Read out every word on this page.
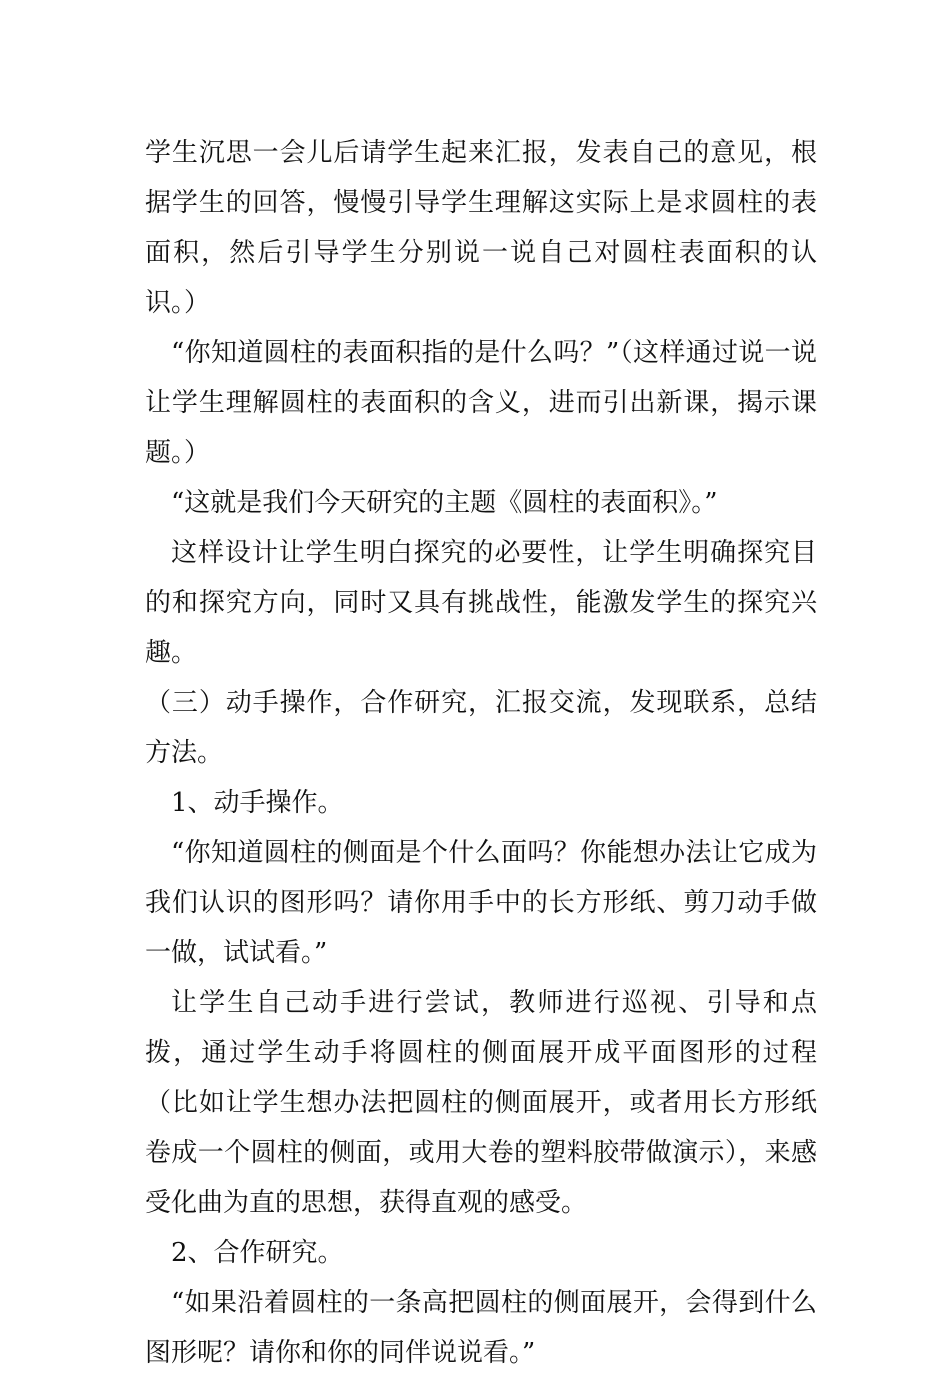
学生沉思一会儿后请学生起来汇报，发表自己的意见，根据学生的回答，慢慢引导学生理解这实际上是求圆柱的表面积，然后引导学生分别说一说自己对圆柱表面积的认识。）

“你知道圆柱的表面积指的是什么吗？”（这样通过说一说让学生理解圆柱的表面积的含义，进而引出新课，揭示课题。）

“这就是我们今天研究的主题《圆柱的表面积》。”

这样设计让学生明白探究的必要性，让学生明确探究目的和探究方向，同时又具有挑战性，能激发学生的探究兴趣。

（三）动手操作，合作研究，汇报交流，发现联系，总结方法。

1、动手操作。

“你知道圆柱的侧面是个什么面吗？你能想办法让它成为我们认识的图形吗？请你用手中的长方形纸、剪刀动手做一做，试试看。”

让学生自己动手进行尝试，教师进行巡视、引导和点拨，通过学生动手将圆柱的侧面展开成平面图形的过程（比如让学生想办法把圆柱的侧面展开，或者用长方形纸卷成一个圆柱的侧面，或用大卷的塑料胶带做演示），来感受化曲为直的思想，获得直观的感受。

2、合作研究。

“如果沿着圆柱的一条高把圆柱的侧面展开，会得到什么图形呢？请你和你的同伴说说看。”
